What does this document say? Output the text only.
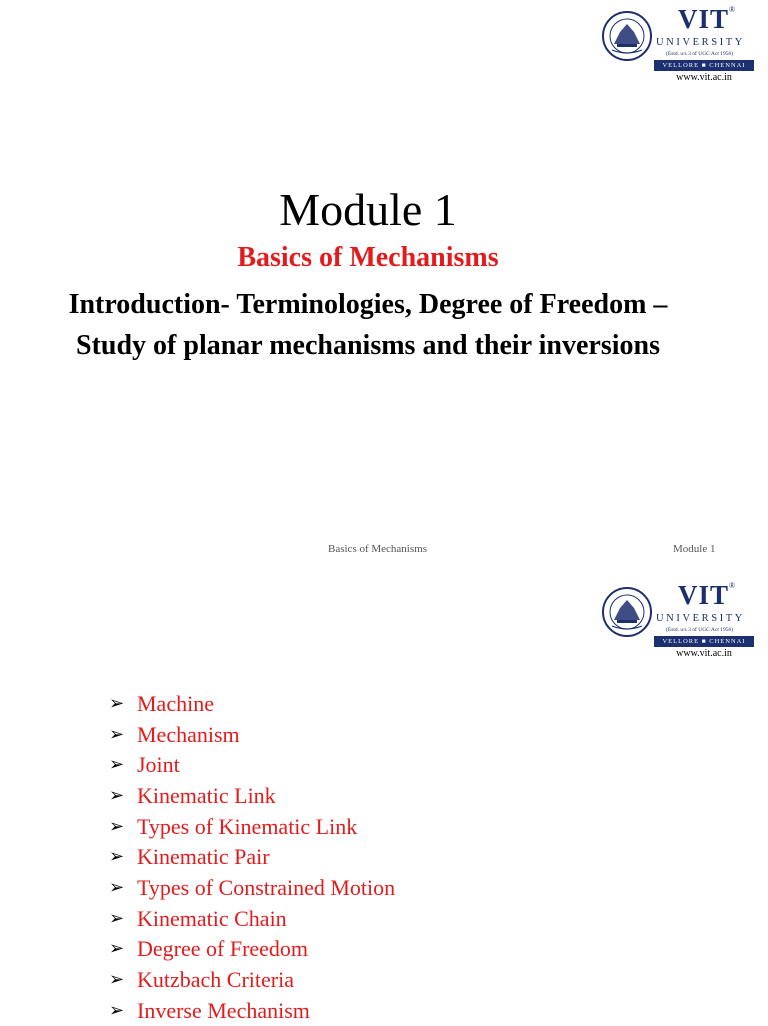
VIT®
UNIVERSITY
(Estd. u/s 3 of UGC Act 1956)
VELLORE ■ CHENNAI
www.vit.ac.in
Module 1
Basics of Mechanisms
Introduction- Terminologies, Degree of Freedom – Study of planar mechanisms and their inversions
Basics of Mechanisms	Module 1
VIT®
UNIVERSITY
(Estd. u/s 3 of UGC Act 1956)
VELLORE ■ CHENNAI
www.vit.ac.in
➢ Machine
➢ Mechanism
➢ Joint
➢ Kinematic Link
➢ Types of Kinematic Link
➢ Kinematic Pair
➢ Types of Constrained Motion
➢ Kinematic Chain
➢ Degree of Freedom
➢ Kutzbach Criteria
➢ Inverse Mechanism
